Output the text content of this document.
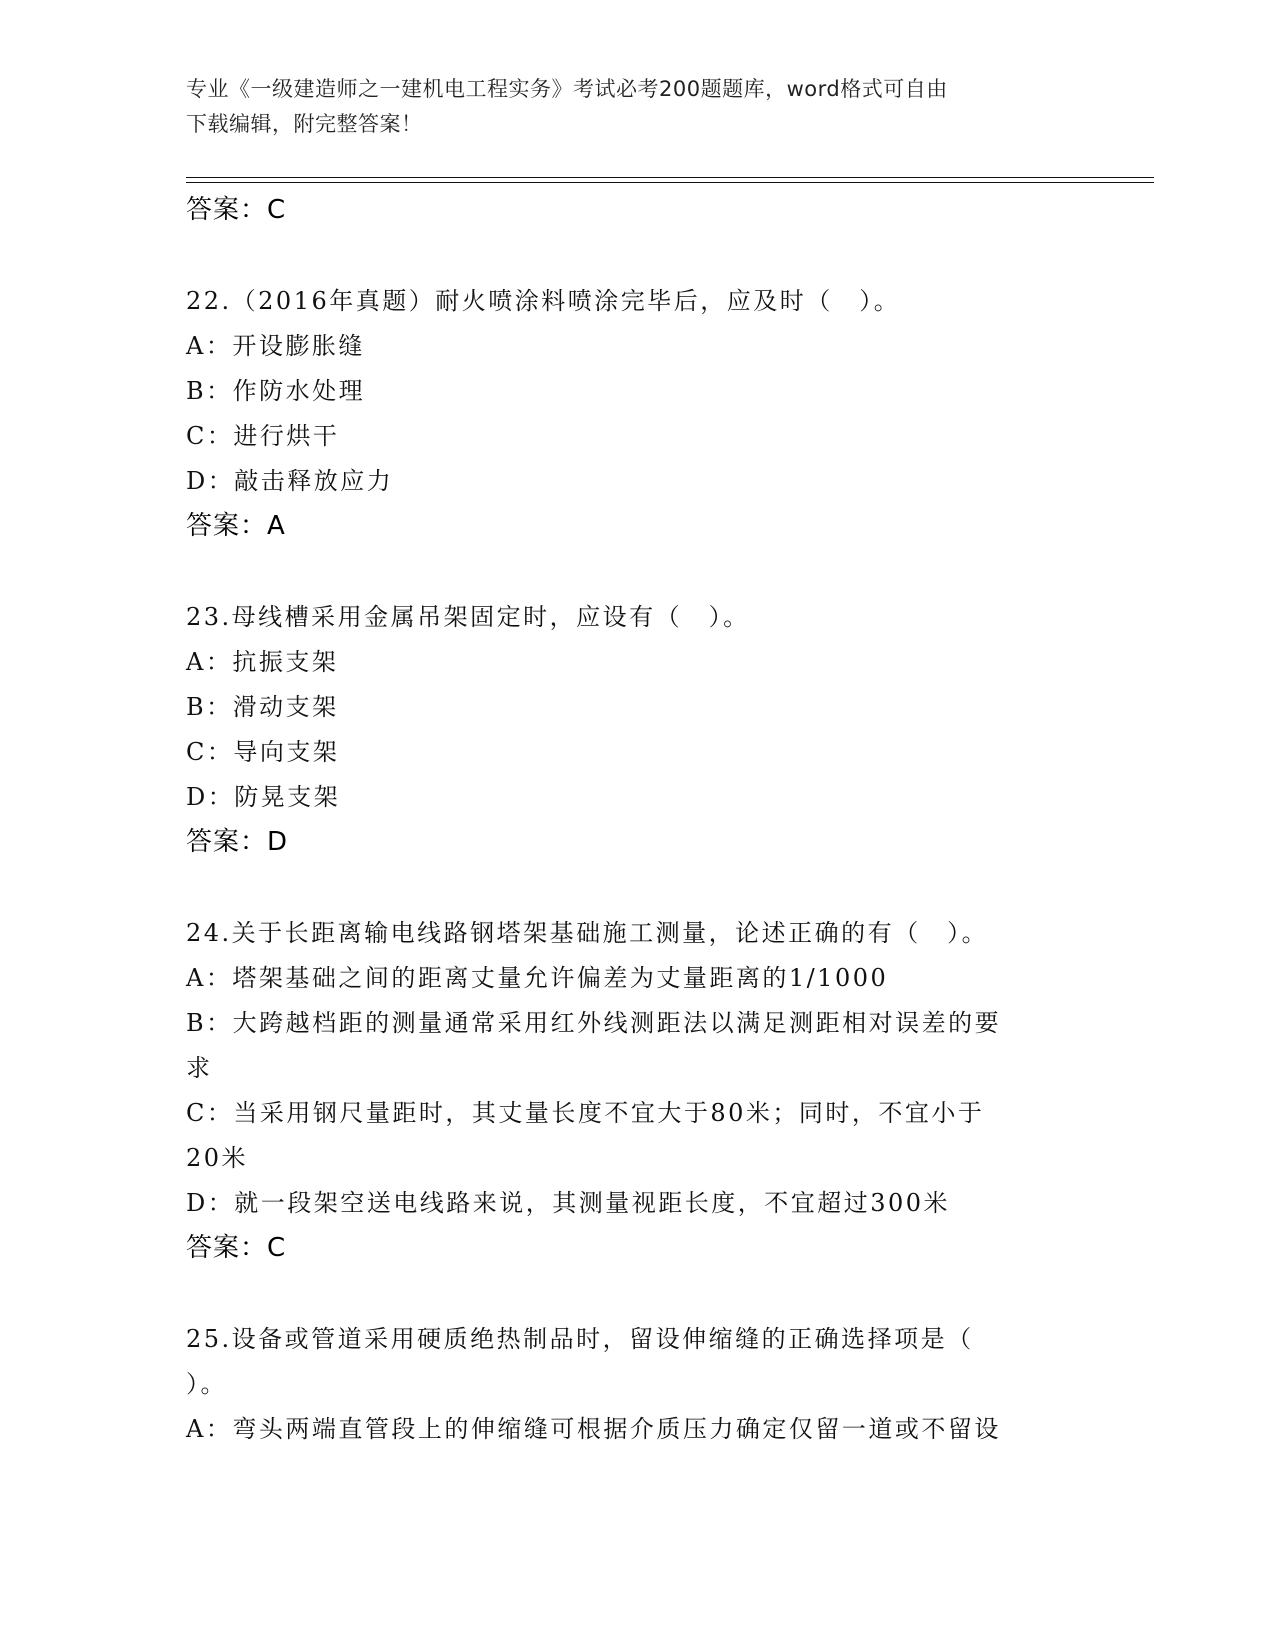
专业《一级建造师之一建机电工程实务》考试必考200题题库，word格式可自由
下载编辑，附完整答案！
答案：C
22.（2016年真题）耐火喷涂料喷涂完毕后，应及时（　）。
A：开设膨胀缝
B：作防水处理
C：进行烘干
D：敲击释放应力
答案：A
23.母线槽采用金属吊架固定时，应设有（　）。
A：抗振支架
B：滑动支架
C：导向支架
D：防晃支架
答案：D
24.关于长距离输电线路钢塔架基础施工测量，论述正确的有（　）。
A：塔架基础之间的距离丈量允许偏差为丈量距离的1/1000
B：大跨越档距的测量通常采用红外线测距法以满足测距相对误差的要
求
C：当采用钢尺量距时，其丈量长度不宜大于80米；同时，不宜小于
20米
D：就一段架空送电线路来说，其测量视距长度，不宜超过300米
答案：C
25.设备或管道采用硬质绝热制品时，留设伸缩缝的正确选择项是（
）。
A：弯头两端直管段上的伸缩缝可根据介质压力确定仅留一道或不留设
